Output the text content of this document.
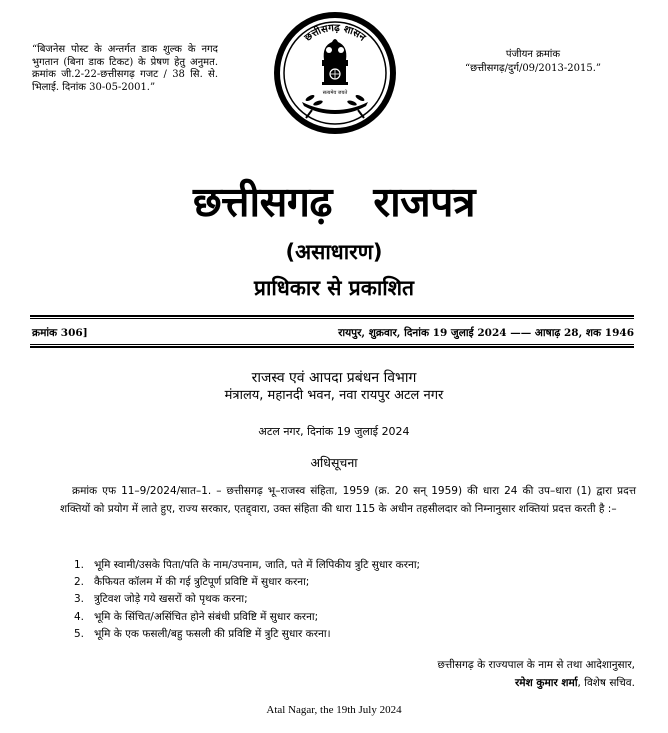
“बिजनेस पोस्ट के अन्तर्गत डाक शुल्क के नगद भुगतान (बिना डाक टिकट) के प्रेषण हेतु अनुमत. क्रमांक जी.2-22-छत्तीसगढ़ गजट / 38 सि. से. भिलाई. दिनांक 30-05-2001.”
पंजीयन क्रमांक
“छत्तीसगढ़/दुर्ग/09/2013-2015.”
छत्तीसगढ़ शासन
सत्यमेव जयते
छत्तीसगढ़   राजपत्र
(असाधारण)
प्राधिकार से प्रकाशित
क्रमांक 306]	रायपुर, शुक्रवार, दिनांक 19 जुलाई 2024 —— आषाढ़ 28, शक 1946
राजस्व एवं आपदा प्रबंधन विभाग
मंत्रालय, महानदी भवन, नवा रायपुर अटल नगर
अटल नगर, दिनांक 19 जुलाई 2024
अधिसूचना
क्रमांक एफ 11–9/2024/सात–1. – छत्तीसगढ़ भू–राजस्व संहिता, 1959 (क्र. 20 सन् 1959) की धारा 24 की उप–धारा (1) द्वारा प्रदत्त शक्तियों को प्रयोग में लाते हुए, राज्य सरकार, एतद्द्वारा, उक्त संहिता की धारा 115 के अधीन तहसीलदार को निम्नानुसार शक्तियां प्रदत्त करती है :–
1. भूमि स्वामी/उसके पिता/पति के नाम/उपनाम, जाति, पते में लिपिकीय त्रुटि सुधार करना;
2. कैफियत कॉलम में की गई त्रुटिपूर्ण प्रविष्टि में सुधार करना;
3. त्रुटिवश जोड़े गये खसरों को पृथक करना;
4. भूमि के सिंचित/असिंचित होने संबंधी प्रविष्टि में सुधार करना;
5. भूमि के एक फसली/बहु फसली की प्रविष्टि में त्रुटि सुधार करना।
छत्तीसगढ़ के राज्यपाल के नाम से तथा आदेशानुसार,
रमेश कुमार शर्मा, विशेष सचिव.
Atal Nagar, the 19th July 2024
